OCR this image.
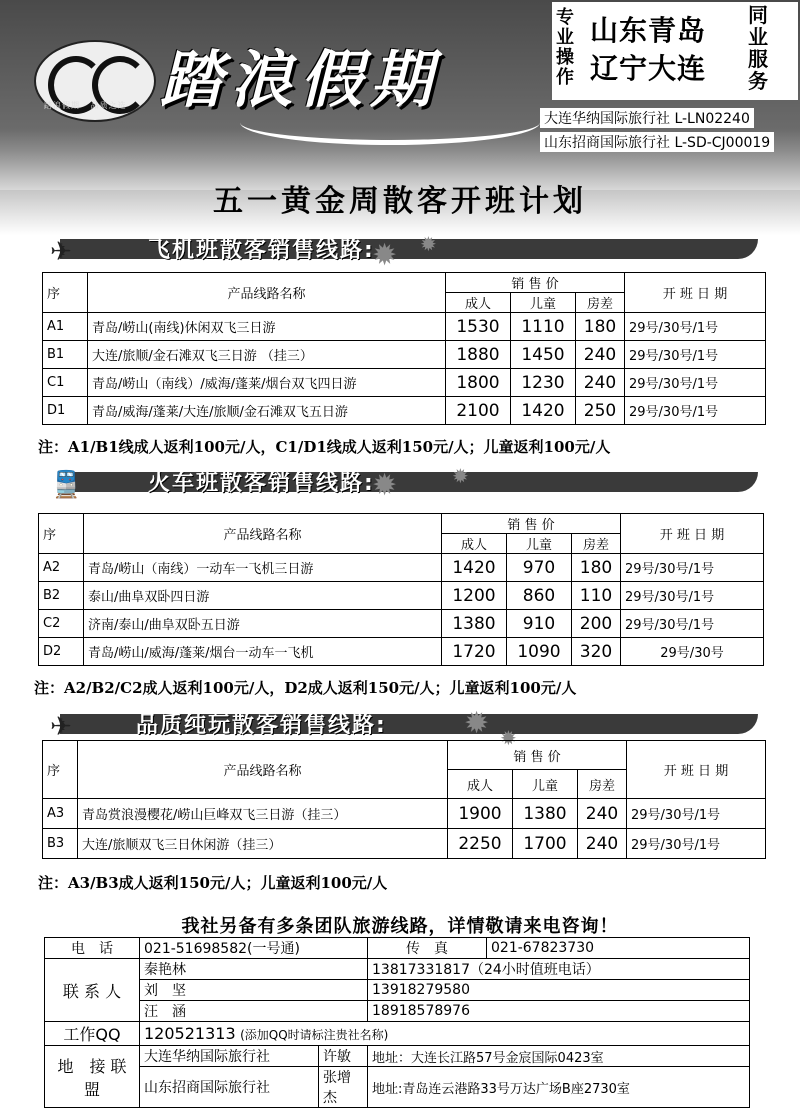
踏浪假期 · 品质之选 踏浪假期
专业操作
山东青岛
辽宁大连
同业服务
大连华纳国际旅行社 L-LN02240
山东招商国际旅行社 L-SD-CJ00019
五一黄金周散客开班计划
✈	飞机班散客销售线路:
✹ ✹
序	产品线路名称	销 售 价			开 班 日 期
		成人	儿童	房差	
A1	青岛/崂山(南线)休闲双飞三日游	1530	1110	180	29号/30号/1号
B1	大连/旅顺/金石滩双飞三日游 （挂三）	1880	1450	240	29号/30号/1号
C1	青岛/崂山（南线）/威海/蓬莱/烟台双飞四日游	1800	1230	240	29号/30号/1号
D1	青岛/威海/蓬莱/大连/旅顺/金石滩双飞五日游	2100	1420	250	29号/30号/1号
注：A1/B1线成人返利100元/人，C1/D1线成人返利150元/人；儿童返利100元/人
🚆	火车班散客销售线路:
✹	✹
序	产品线路名称	销 售 价			开 班 日 期
		成人	儿童	房差	
A2	青岛/崂山（南线）一动车一飞机三日游	1420	970	180	29号/30号/1号
B2	泰山/曲阜双卧四日游	1200	860	110	29号/30号/1号
C2	济南/泰山/曲阜双卧五日游	1380	910	200	29号/30号/1号
D2	青岛/崂山/威海/蓬莱/烟台一动车一飞机	1720	1090	320	29号/30号
注：A2/B2/C2成人返利100元/人，D2成人返利150元/人；儿童返利100元/人
✈	品质纯玩散客销售线路:	✹ ✹
序	产品线路名称	销 售 价			开 班 日 期
		成人	儿童	房差	
A3	青岛赏浪漫樱花/崂山巨峰双飞三日游（挂三）	1900	1380	240	29号/30号/1号
B3	大连/旅顺双飞三日休闲游（挂三）	2250	1700	240	29号/30号/1号
注：A3/B3成人返利150元/人；儿童返利100元/人
我社另备有多条团队旅游线路，详情敬请来电咨询！
电　话	021-51698582(一号通)		传　真	021-67823730
联 系 人	秦艳林		13817331817（24小时值班电话）	
	刘　坚		13918279580	
	汪　涵		18918578976	
工作QQ	120521313 (添加QQ时请标注贵社名称)			
地　接 联　盟	大连华纳国际旅行社	许敏	地址：大连长江路57号金宸国际0423室	
	山东招商国际旅行社	张增杰	地址:青岛连云港路33号万达广场B座2730室	
